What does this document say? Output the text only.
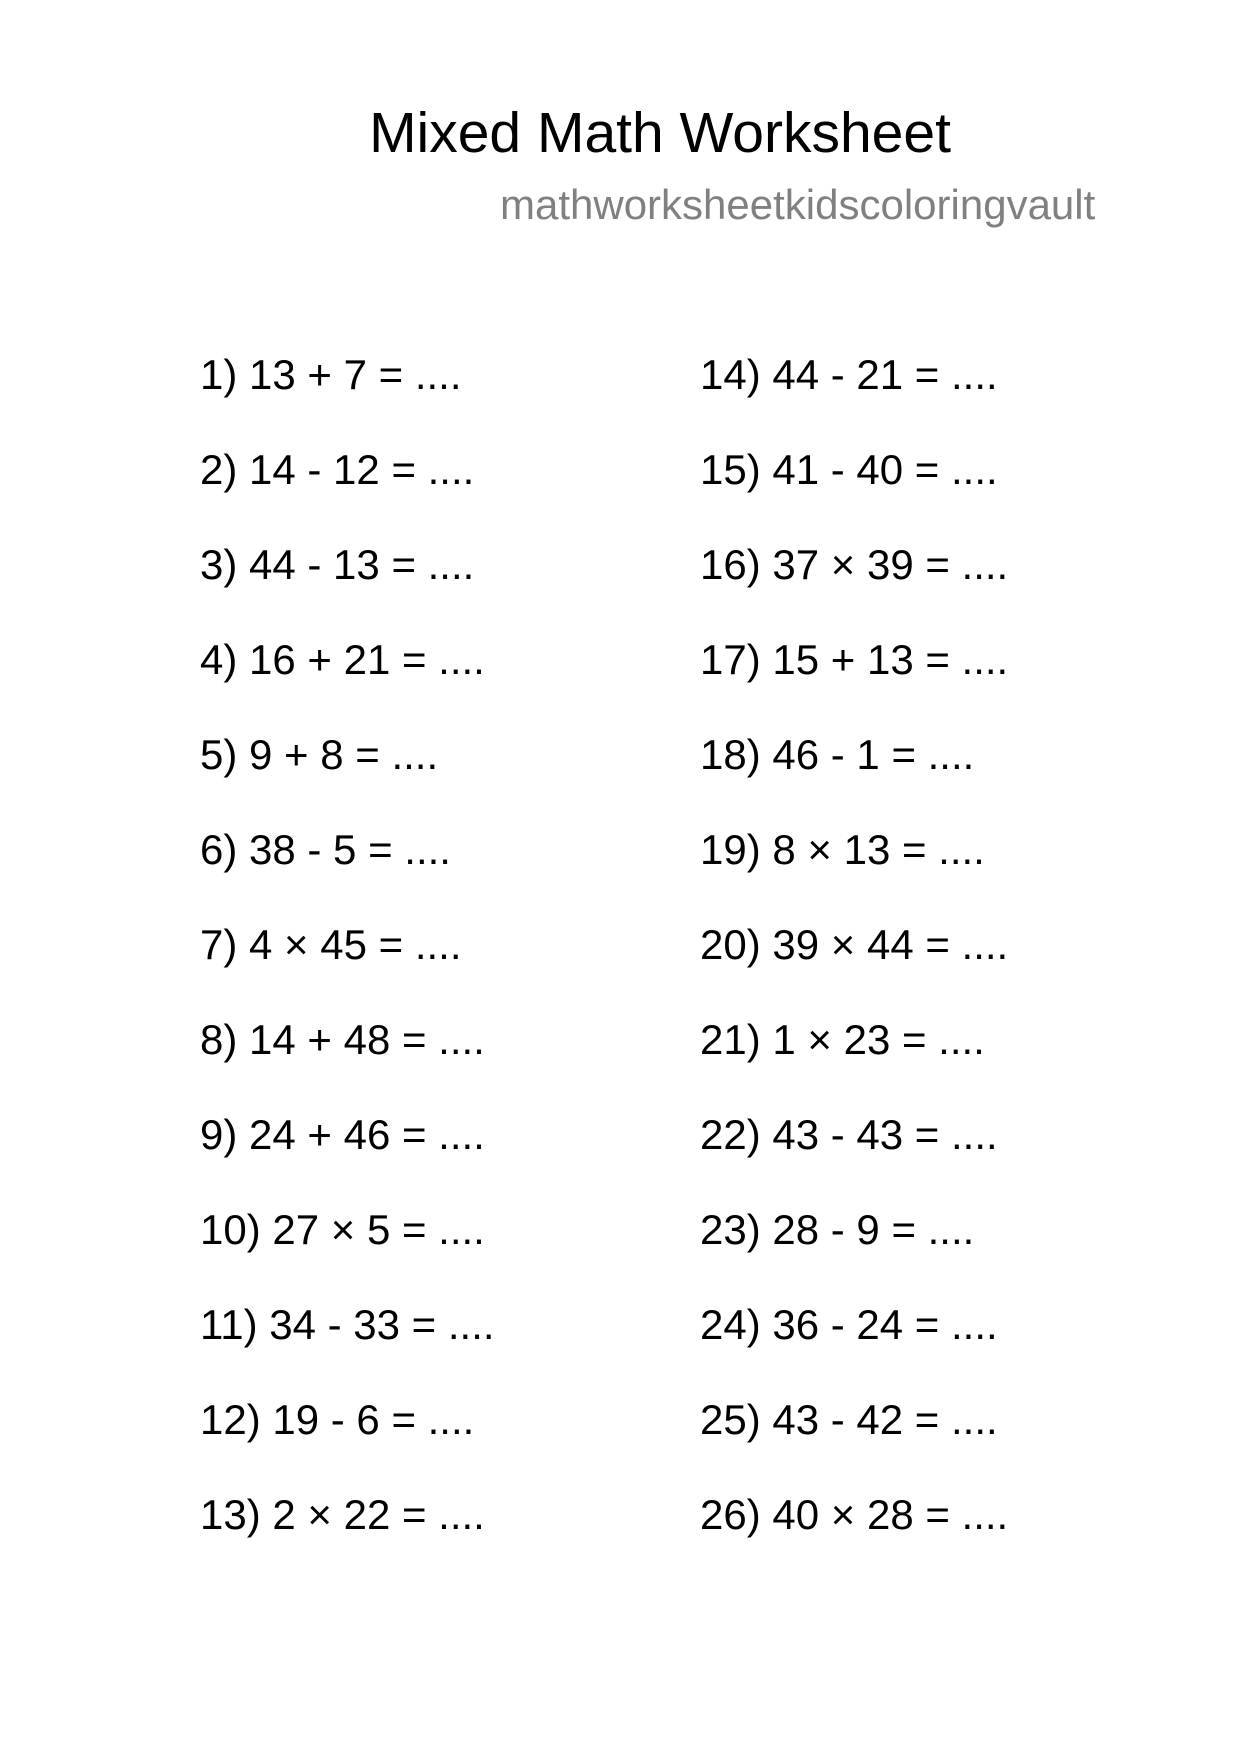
Mixed Math Worksheet
mathworksheetkidscoloringvault
1) 13 + 7 = ....
2) 14 - 12 = ....
3) 44 - 13 = ....
4) 16 + 21 = ....
5) 9 + 8 = ....
6) 38 - 5 = ....
7) 4 × 45 = ....
8) 14 + 48 = ....
9) 24 + 46 = ....
10) 27 × 5 = ....
11) 34 - 33 = ....
12) 19 - 6 = ....
13) 2 × 22 = ....
14) 44 - 21 = ....
15) 41 - 40 = ....
16) 37 × 39 = ....
17) 15 + 13 = ....
18) 46 - 1 = ....
19) 8 × 13 = ....
20) 39 × 44 = ....
21) 1 × 23 = ....
22) 43 - 43 = ....
23) 28 - 9 = ....
24) 36 - 24 = ....
25) 43 - 42 = ....
26) 40 × 28 = ....
